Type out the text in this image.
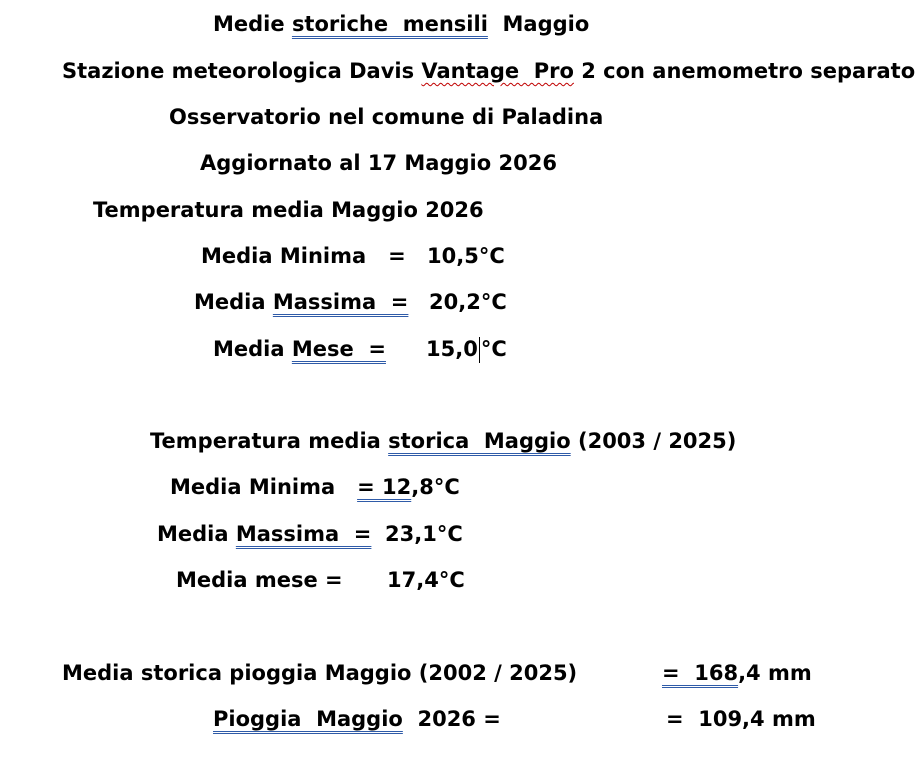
Medie storiche  mensili  Maggio
Stazione meteorologica Davis Vantage  Pro 2 con anemometro separato
Osservatorio nel comune di Paladina
Aggiornato al 17 Maggio 2026
Temperatura media Maggio 2026
Media Minima   = 10,5°C
Media Massima  = 20,2°C
Media Mese  = 15,0 °C
Temperatura media storica  Maggio (2003 / 2025)
Media Minima   = 12,8°C
Media Massima  = 23,1°C
Media mese = 17,4°C
Media storica pioggia Maggio (2002 / 2025)	=  168,4 mm
Pioggia  Maggio  2026 =	=  109,4 mm
